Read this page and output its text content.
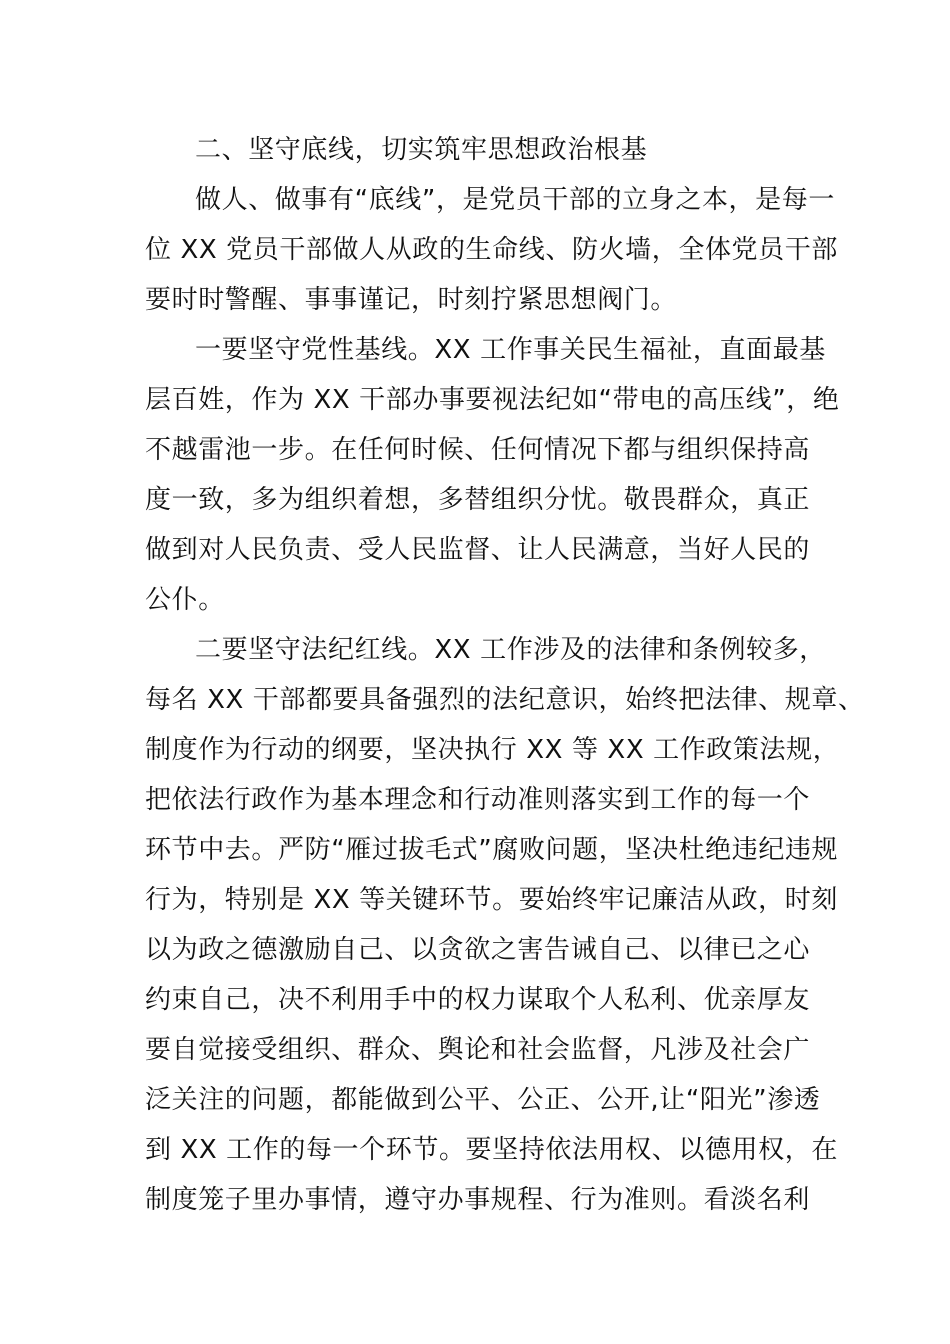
二、坚守底线，切实筑牢思想政治根基
做人、做事有“底线”，是党员干部的立身之本，是每一
位 XX 党员干部做人从政的生命线、防火墙，全体党员干部
要时时警醒、事事谨记，时刻拧紧思想阀门。
一要坚守党性基线。XX 工作事关民生福祉，直面最基
层百姓，作为 XX 干部办事要视法纪如“带电的高压线”，绝
不越雷池一步。在任何时候、任何情况下都与组织保持高
度一致，多为组织着想，多替组织分忧。敬畏群众，真正
做到对人民负责、受人民监督、让人民满意，当好人民的
公仆。
二要坚守法纪红线。XX 工作涉及的法律和条例较多，
每名 XX 干部都要具备强烈的法纪意识，始终把法律、规章、
制度作为行动的纲要，坚决执行 XX 等 XX 工作政策法规，
把依法行政作为基本理念和行动准则落实到工作的每一个
环节中去。严防“雁过拔毛式”腐败问题，坚决杜绝违纪违规
行为，特别是 XX 等关键环节。要始终牢记廉洁从政，时刻
以为政之德激励自己、以贪欲之害告诫自己、以律已之心
约束自己，决不利用手中的权力谋取个人私利、优亲厚友
要自觉接受组织、群众、舆论和社会监督，凡涉及社会广
泛关注的问题，都能做到公平、公正、公开,让“阳光”渗透
到 XX 工作的每一个环节。要坚持依法用权、以德用权，在
制度笼子里办事情，遵守办事规程、行为准则。看淡名利
